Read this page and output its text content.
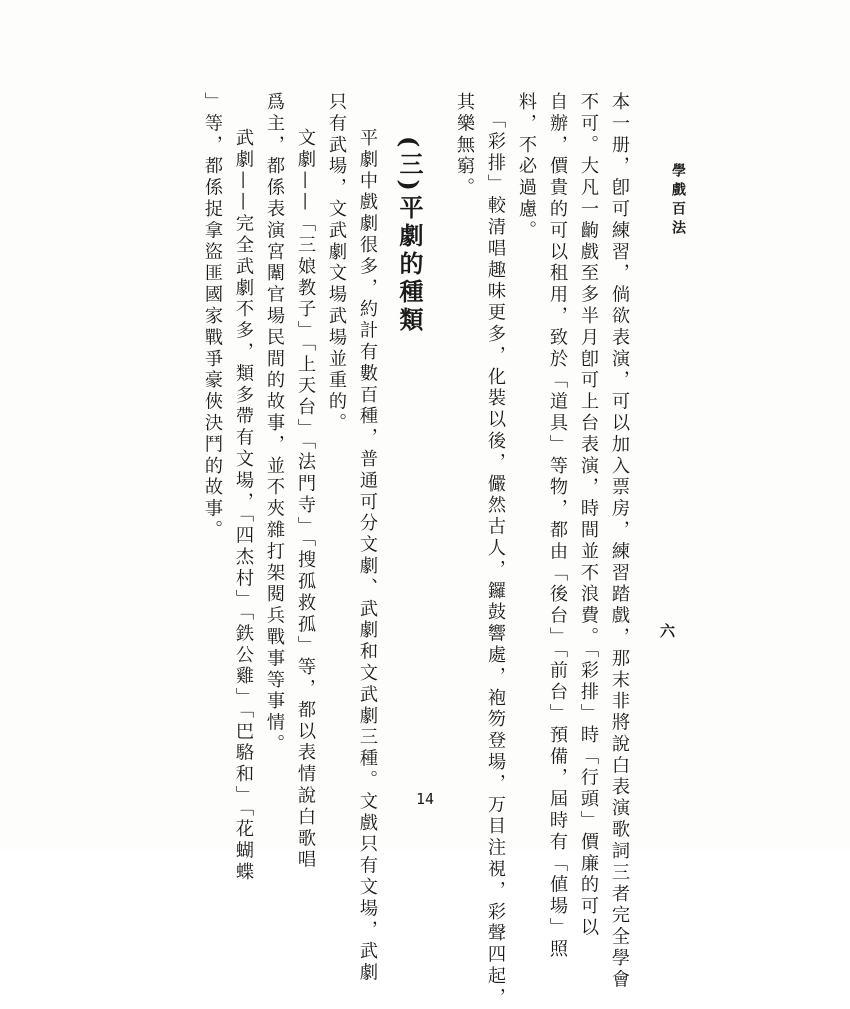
學戲百法
六
本一册，卽可練習，倘欲表演，可以加入票房，練習踏戲，那末非將說白表演歌詞三者完全學會
不可。大凡一齣戲至多半月卽可上台表演，時間並不浪費。「彩排」時「行頭」價廉的可以
自辦，價貴的可以租用，致於「道具」等物，都由「後台」「前台」預備，屆時有「値場」照
料，不必過慮。
「彩排」較清唱趣味更多，化裝以後，儼然古人，鑼鼓響處，袍笏登場，万目注視，彩聲四起，
其樂無窮。
(三)平劇的種類
平劇中戲劇很多，約計有數百種，普通可分文劇、武劇和文武劇三種。文戲只有文場，武劇
只有武場，文武劇文場武場並重的。
文劇——「三娘教子」「上天台」「法門寺」「搜孤救孤」等，都以表情說白歌唱
爲主，都係表演宮闈官場民間的故事，並不夾雜打架閱兵戰事等事情。
武劇——完全武劇不多，類多帶有文場，「四杰村」「鉄公雞」「巴駱和」「花蝴蝶
」等，都係捉拿盜匪國家戰爭豪俠決鬥的故事。
14
